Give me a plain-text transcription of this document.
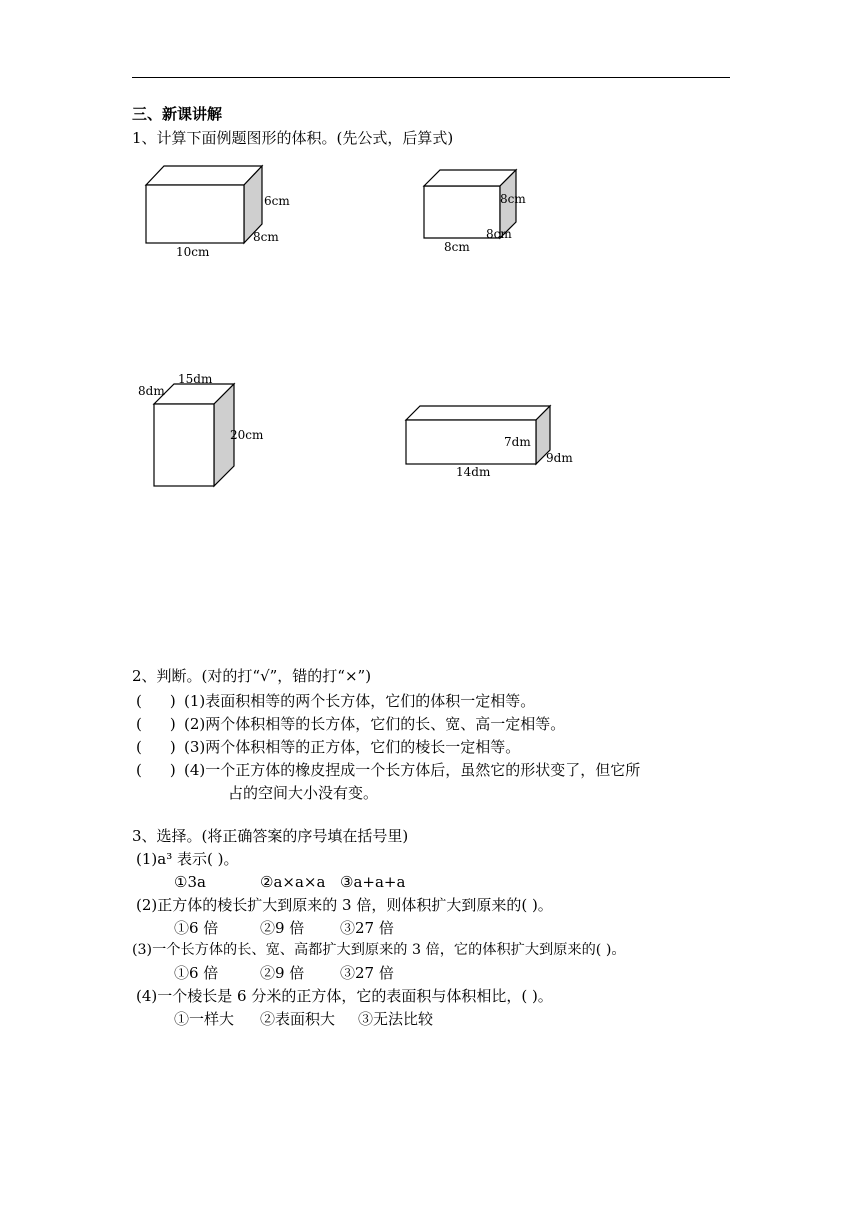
三、新课讲解
1、计算下面例题图形的体积。(先公式，后算式)
6cm
8cm
10cm
8cm
8cm
8cm
15dm
8dm
20cm	7dm
9dm
14dm
2、判断。(对的打“√”，错的打“×”)
( ) (1)表面积相等的两个长方体，它们的体积一定相等。
( ) (2)两个体积相等的长方体，它们的长、宽、高一定相等。
( ) (3)两个体积相等的正方体，它们的棱长一定相等。
( ) (4)一个正方体的橡皮捏成一个长方体后，虽然它的形状变了，但它所
占的空间大小没有变。
3、选择。(将正确答案的序号填在括号里)
(1)a³ 表示( )。
①3a	②a×a×a ③a+a+a
(2)正方体的棱长扩大到原来的 3 倍，则体积扩大到原来的( )。
①6 倍	②9 倍 ③27 倍
(3)一个长方体的长、宽、高都扩大到原来的 3 倍，它的体积扩大到原来的( )。
①6 倍	②9 倍 ③27 倍
(4)一个棱长是 6 分米的正方体，它的表面积与体积相比，( )。
①一样大 ②表面积大 ③无法比较
